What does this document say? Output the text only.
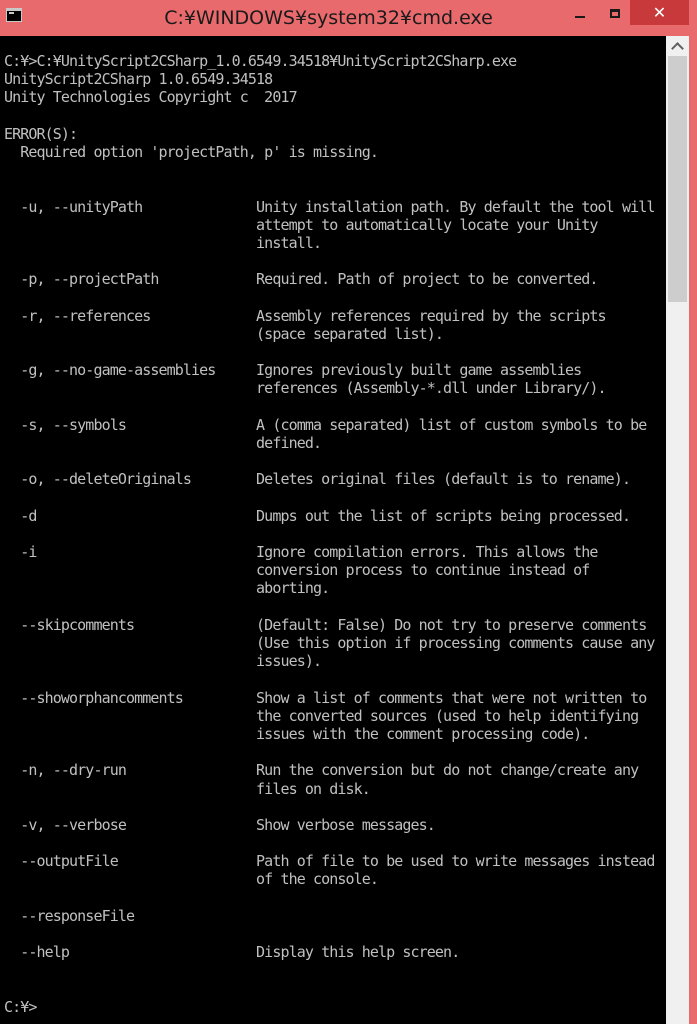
C:¥WINDOWS¥system32¥cmd.exe	✕
C:¥>C:¥UnityScript2CSharp_1.0.6549.34518¥UnityScript2CSharp.exe
UnityScript2CSharp 1.0.6549.34518
Unity Technologies Copyright c  2017
ERROR(S):
Required option 'projectPath, p' is missing.
-u, --unityPath              Unity installation path. By default the tool will
attempt to automatically locate your Unity
install.
-p, --projectPath            Required. Path of project to be converted.
-r, --references             Assembly references required by the scripts
(space separated list).
-g, --no-game-assemblies     Ignores previously built game assemblies
references (Assembly-*.dll under Library/).
-s, --symbols                A (comma separated) list of custom symbols to be
defined.
-o, --deleteOriginals        Deletes original files (default is to rename).
-d                           Dumps out the list of scripts being processed.
-i                           Ignore compilation errors. This allows the
conversion process to continue instead of
aborting.
--skipcomments               (Default: False) Do not try to preserve comments
(Use this option if processing comments cause any
issues).
--showorphancomments         Show a list of comments that were not written to
the converted sources (used to help identifying
issues with the comment processing code).
-n, --dry-run                Run the conversion but do not change/create any
files on disk.
-v, --verbose                Show verbose messages.
--outputFile                 Path of file to be used to write messages instead
of the console.
--responseFile
--help                       Display this help screen.
C:¥>
